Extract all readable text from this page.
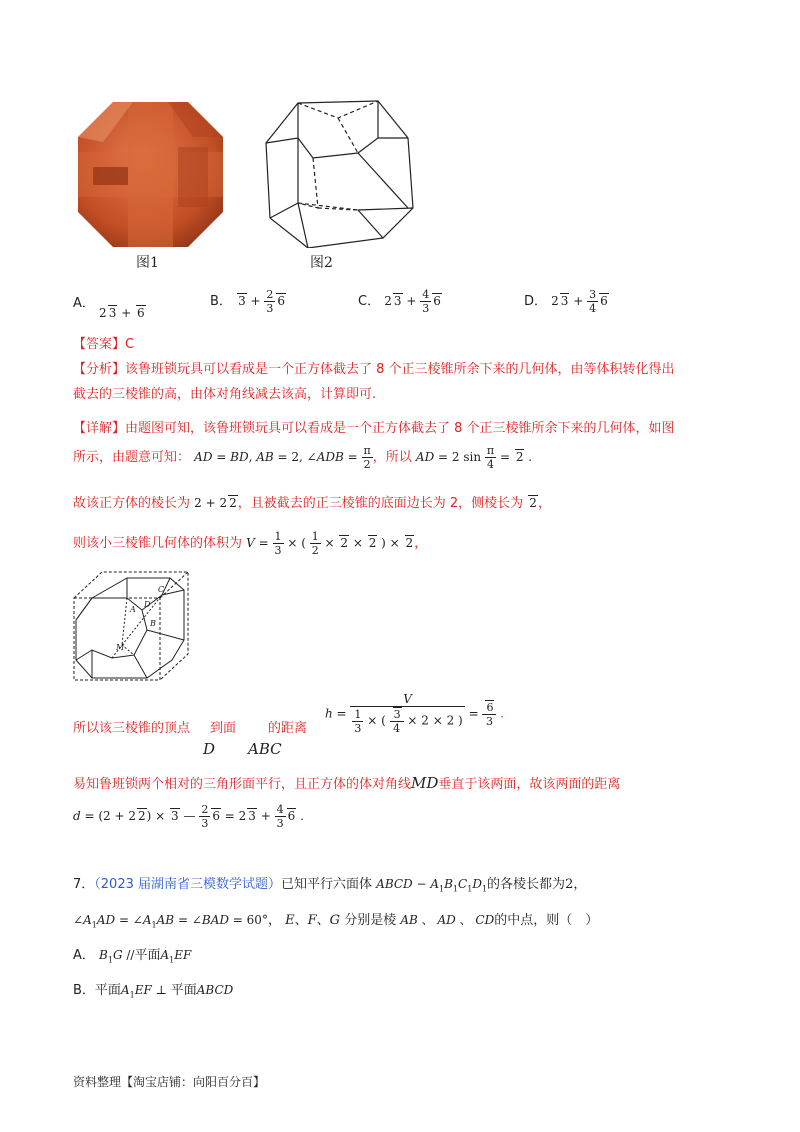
图1	图2
A． 2 3 + 6
B． $3 + \frac{2}{3} 6$	C． 2 $3 + \frac{4}{3} 6$	D． 2 $3 + \frac{3}{4} 6$
【答案】C
【分析】该鲁班锁玩具可以看成是一个正方体截去了 8 个正三棱锥所余下来的几何体，由等体积转化得出
截去的三棱锥的高，由体对角线减去该高，计算即可.
【详解】由题图可知，该鲁班锁玩具可以看成是一个正方体截去了 8 个正三棱锥所余下来的几何体，如图
所示，由题意可知： AD = BD, AB = 2, ∠ADB = $\frac{\pi}{2}$ ，所以 AD = 2 $\sin \frac{\pi}{4} = 2$ .
故该正方体的棱长为 2 + 2 2，且被截去的正三棱锥的底面边长为 2，侧棱长为 2，
则该小三棱锥几何体的体积为 $V = \frac{1}{3}$ × ( $\frac{1}{2} \times 2 \times 2$ ) × 2，
A
C
D
B
M
所以该三棱锥的顶点 到面 的距离
D ABC
$h = \frac{V}{\frac{1}{3} \times ( \frac{3}{4} \times 2 \times 2 )} = \frac{6}{3}$ .
易知鲁班锁两个相对的三角形面平行，且正方体的体对角线MD垂直于该两面，故该两面的距离
d = (2 + 2 2) × 3 — $\frac{2}{3} 6 = 2$ $3 + \frac{4}{3} 6$ .
7．（2023 届湖南省三模数学试题）已知平行六面体 ABCD − $A_1B_1C_1D_1$的各棱长都为2，
$\angle A_1AD$ = $\angle A_1AB$ = ∠BAD = 60°， E、F、G 分别是棱 AB 、 AD 、 CD的中点，则（　）
A． $B_1G$ //平面$A_1EF$
B．平面$A_1EF$ ⊥ 平面ABCD
资料整理【淘宝店铺：向阳百分百】
